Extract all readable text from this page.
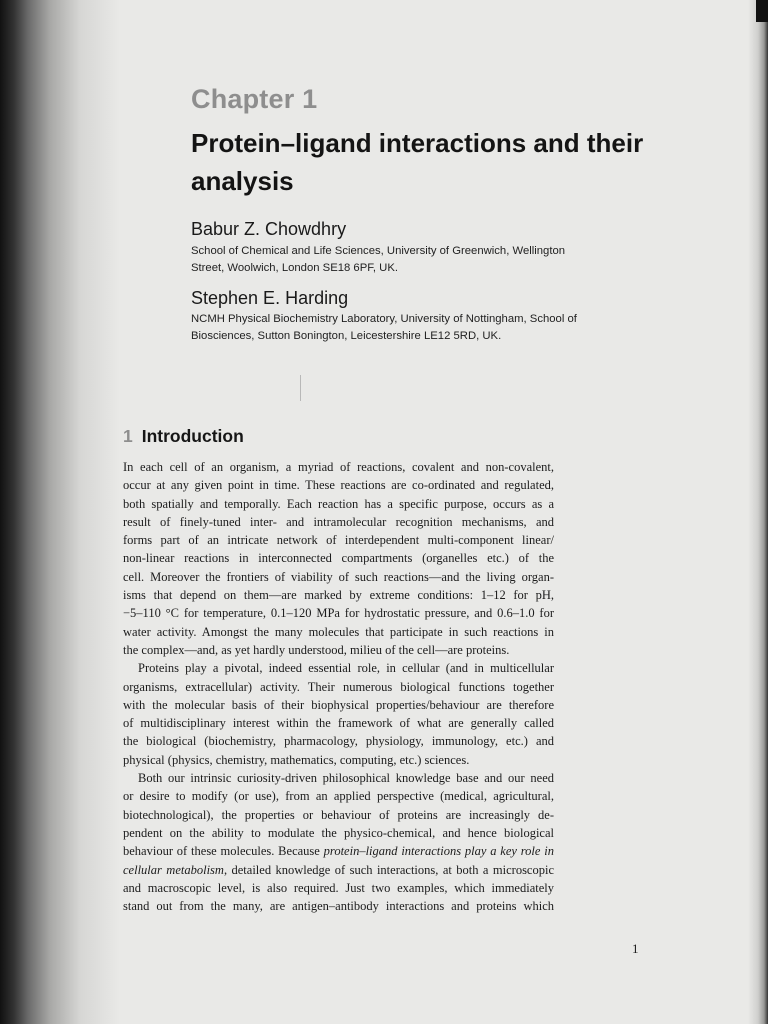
Chapter 1
Protein–ligand interactions and their analysis
Babur Z. Chowdhry
School of Chemical and Life Sciences, University of Greenwich, Wellington
Street, Woolwich, London SE18 6PF, UK.
Stephen E. Harding
NCMH Physical Biochemistry Laboratory, University of Nottingham, School of
Biosciences, Sutton Bonington, Leicestershire LE12 5RD, UK.
1 Introduction
In each cell of an organism, a myriad of reactions, covalent and non-covalent,
occur at any given point in time. These reactions are co-ordinated and regulated,
both spatially and temporally. Each reaction has a specific purpose, occurs as a
result of finely-tuned inter- and intramolecular recognition mechanisms, and
forms part of an intricate network of interdependent multi-component linear/
non-linear reactions in interconnected compartments (organelles etc.) of the
cell. Moreover the frontiers of viability of such reactions—and the living organ-
isms that depend on them—are marked by extreme conditions: 1–12 for pH,
−5–110 °C for temperature, 0.1–120 MPa for hydrostatic pressure, and 0.6–1.0 for
water activity. Amongst the many molecules that participate in such reactions in
the complex—and, as yet hardly understood, milieu of the cell—are proteins.
Proteins play a pivotal, indeed essential role, in cellular (and in multicellular
organisms, extracellular) activity. Their numerous biological functions together
with the molecular basis of their biophysical properties/behaviour are therefore
of multidisciplinary interest within the framework of what are generally called
the biological (biochemistry, pharmacology, physiology, immunology, etc.) and
physical (physics, chemistry, mathematics, computing, etc.) sciences.
Both our intrinsic curiosity-driven philosophical knowledge base and our need
or desire to modify (or use), from an applied perspective (medical, agricultural,
biotechnological), the properties or behaviour of proteins are increasingly de-
pendent on the ability to modulate the physico-chemical, and hence biological
behaviour of these molecules. Because protein–ligand interactions play a key role in
cellular metabolism, detailed knowledge of such interactions, at both a microscopic
and macroscopic level, is also required. Just two examples, which immediately
stand out from the many, are antigen–antibody interactions and proteins which
1
